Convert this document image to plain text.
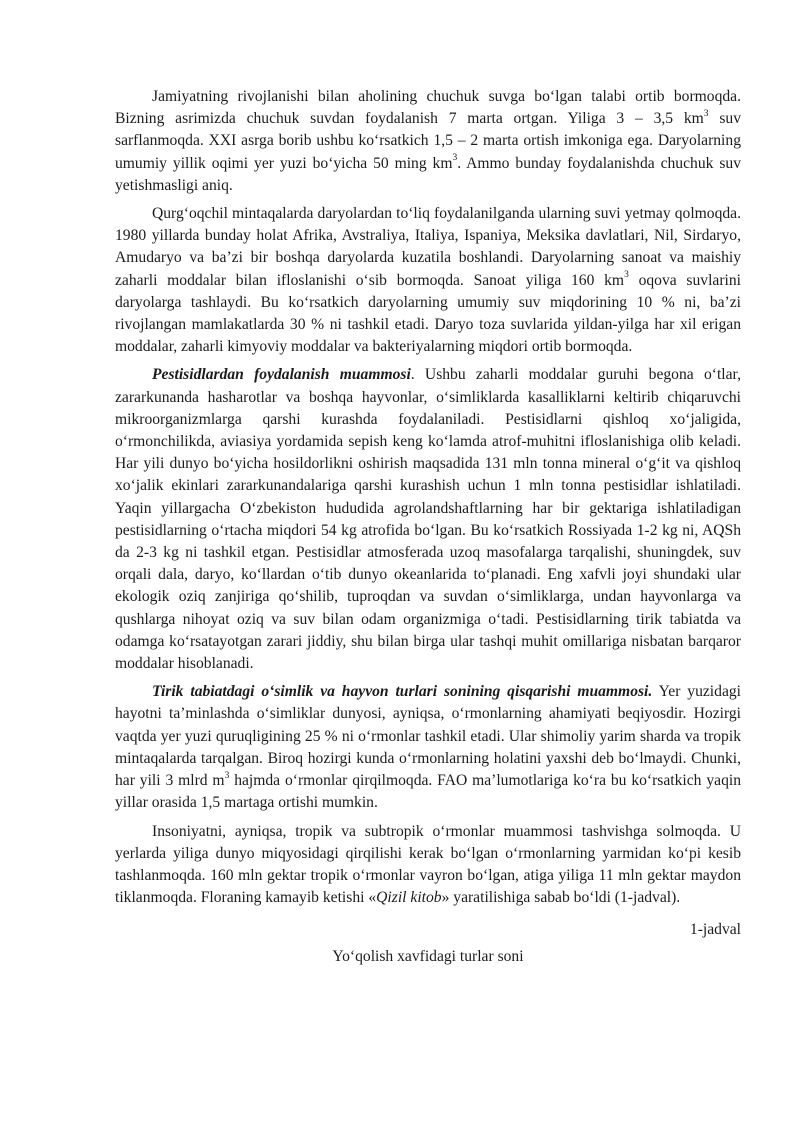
Jamiyatning rivojlanishi bilan aholining chuchuk suvga bo‘lgan talabi ortib bormoqda. Bizning asrimizda chuchuk suvdan foydalanish 7 marta ortgan. Yiliga 3 – 3,5 $km^3$ suv sarflanmoqda. XXI asrga borib ushbu ko‘rsatkich 1,5 – 2 marta ortish imkoniga ega. Daryolarning umumiy yillik oqimi yer yuzi bo‘yicha 50 ming $km^3$. Ammo bunday foydalanishda chuchuk suv yetishmasligi aniq.

Qurg‘oqchil mintaqalarda daryolardan to‘liq foydalanilganda ularning suvi yetmay qolmoqda. 1980 yillarda bunday holat Afrika, Avstraliya, Italiya, Ispaniya, Meksika davlatlari, Nil, Sirdaryo, Amudaryo va ba’zi bir boshqa daryolarda kuzatila boshlandi. Daryolarning sanoat va maishiy zaharli moddalar bilan ifloslanishi o‘sib bormoqda. Sanoat yiliga 160 $km^3$ oqova suvlarini daryolarga tashlaydi. Bu ko‘rsatkich daryolarning umumiy suv miqdorining 10 % ni, ba’zi rivojlangan mamlakatlarda 30 % ni tashkil etadi. Daryo toza suvlarida yildan-yilga har xil erigan moddalar, zaharli kimyoviy moddalar va bakteriyalarning miqdori ortib bormoqda.

Pestisidlardan foydalanish muammosi. Ushbu zaharli moddalar guruhi begona o‘tlar, zararkunanda hasharotlar va boshqa hayvonlar, o‘simliklarda kasalliklarni keltirib chiqaruvchi mikroorganizmlarga qarshi kurashda foydalaniladi. Pestisidlarni qishloq xo‘jaligida, o‘rmonchilikda, aviasiya yordamida sepish keng ko‘lamda atrof-muhitni ifloslanishiga olib keladi. Har yili dunyo bo‘yicha hosildorlikni oshirish maqsadida 131 mln tonna mineral o‘g‘it va qishloq xo‘jalik ekinlari zararkunandalariga qarshi kurashish uchun 1 mln tonna pestisidlar ishlatiladi. Yaqin yillargacha O‘zbekiston hududida agrolandshaftlarning har bir gektariga ishlatiladigan pestisidlarning o‘rtacha miqdori 54 kg atrofida bo‘lgan. Bu ko‘rsatkich Rossiyada 1-2 kg ni, AQSh da 2-3 kg ni tashkil etgan. Pestisidlar atmosferada uzoq masofalarga tarqalishi, shuningdek, suv orqali dala, daryo, ko‘llardan o‘tib dunyo okeanlarida to‘planadi. Eng xafvli joyi shundaki ular ekologik oziq zanjiriga qo‘shilib, tuproqdan va suvdan o‘simliklarga, undan hayvonlarga va qushlarga nihoyat oziq va suv bilan odam organizmiga o‘tadi. Pestisidlarning tirik tabiatda va odamga ko‘rsatayotgan zarari jiddiy, shu bilan birga ular tashqi muhit omillariga nisbatan barqaror moddalar hisoblanadi.

Tirik tabiatdagi o‘simlik va hayvon turlari sonining qisqarishi muammosi. Yer yuzidagi hayotni ta’minlashda o‘simliklar dunyosi, ayniqsa, o‘rmonlarning ahamiyati beqiyosdir. Hozirgi vaqtda yer yuzi quruqligining 25 % ni o‘rmonlar tashkil etadi. Ular shimoliy yarim sharda va tropik mintaqalarda tarqalgan. Biroq hozirgi kunda o‘rmonlarning holatini yaxshi deb bo‘lmaydi. Chunki, har yili 3 mlrd $m^3$ hajmda o‘rmonlar qirqilmoqda. FAO ma’lumotlariga ko‘ra bu ko‘rsatkich yaqin yillar orasida 1,5 martaga ortishi mumkin.

Insoniyatni, ayniqsa, tropik va subtropik o‘rmonlar muammosi tashvishga solmoqda. U yerlarda yiliga dunyo miqyosidagi qirqilishi kerak bo‘lgan o‘rmonlarning yarmidan ko‘pi kesib tashlanmoqda. 160 mln gektar tropik o‘rmonlar vayron bo‘lgan, atiga yiliga 11 mln gektar maydon tiklanmoqda. Floraning kamayib ketishi «Qizil kitob» yaratilishiga sabab bo‘ldi (1-jadval).

1-jadval
Yo‘qolish xavfidagi turlar soni
